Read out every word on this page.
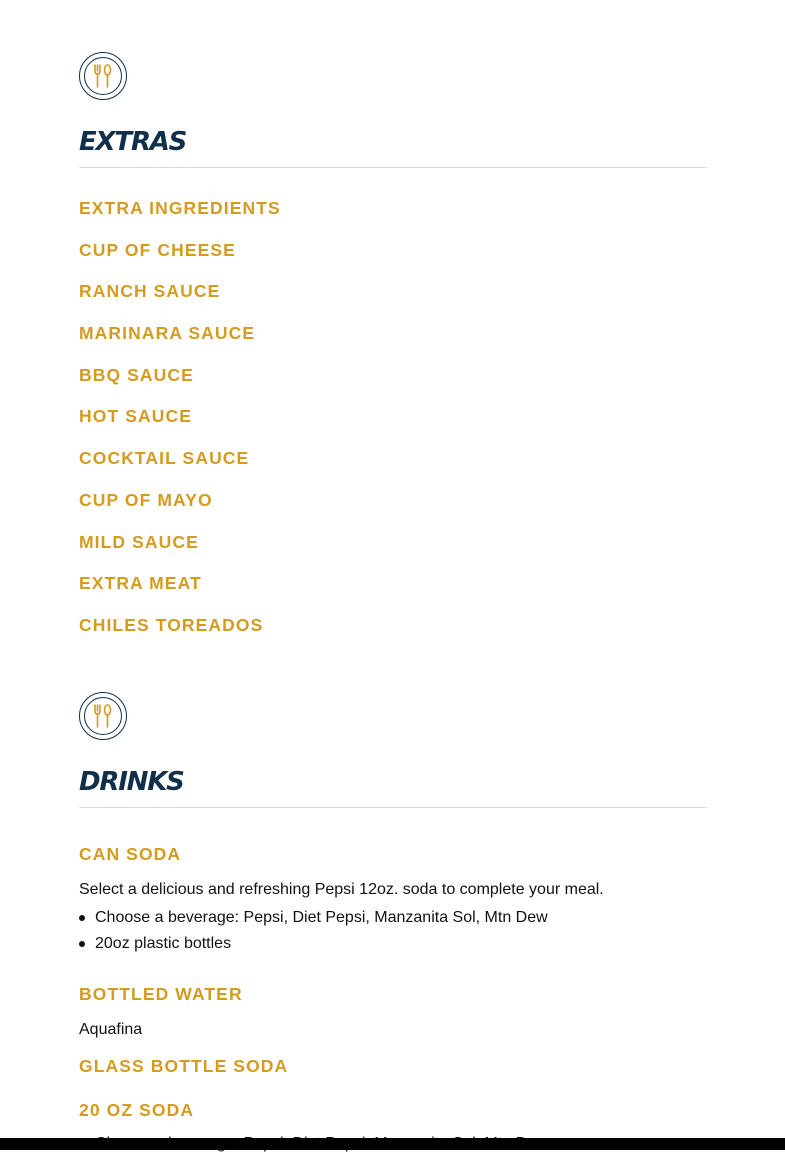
EXTRAS
EXTRA INGREDIENTS
CUP OF CHEESE
RANCH SAUCE
MARINARA SAUCE
BBQ SAUCE
HOT SAUCE
COCKTAIL SAUCE
CUP OF MAYO
MILD SAUCE
EXTRA MEAT
CHILES TOREADOS
DRINKS
CAN SODA

Select a delicious and refreshing Pepsi 12oz. soda to complete your meal.

Choose a beverage: Pepsi, Diet Pepsi, Manzanita Sol, Mtn Dew
20oz plastic bottles
BOTTLED WATER

Aquafina

GLASS BOTTLE SODA
20 OZ SODA
